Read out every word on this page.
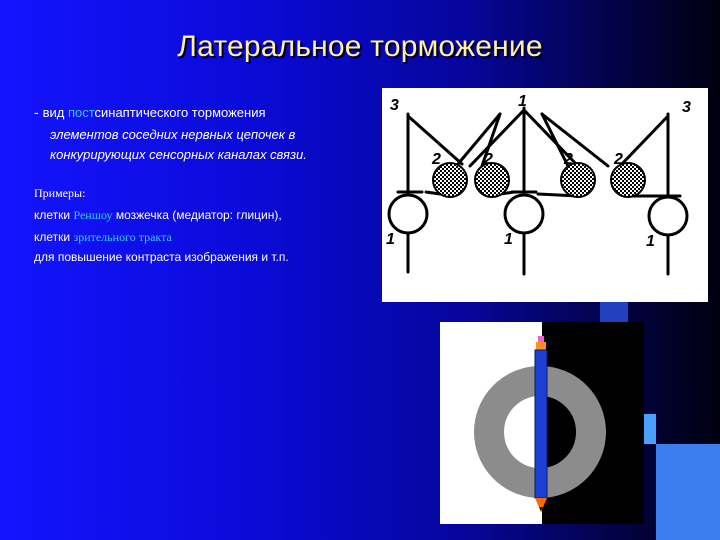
Латеральное торможение
- вид постсинаптического торможения
элементов соседних нервных цепочек в
конкурирующих сенсорных каналах связи.
Примеры:
клетки Реншоу мозжечка (медиатор: глицин),
клетки зрительного тракта
для повышение контраста изображения и т.п.
3	1	3
2	2	2	2
1	1	1
